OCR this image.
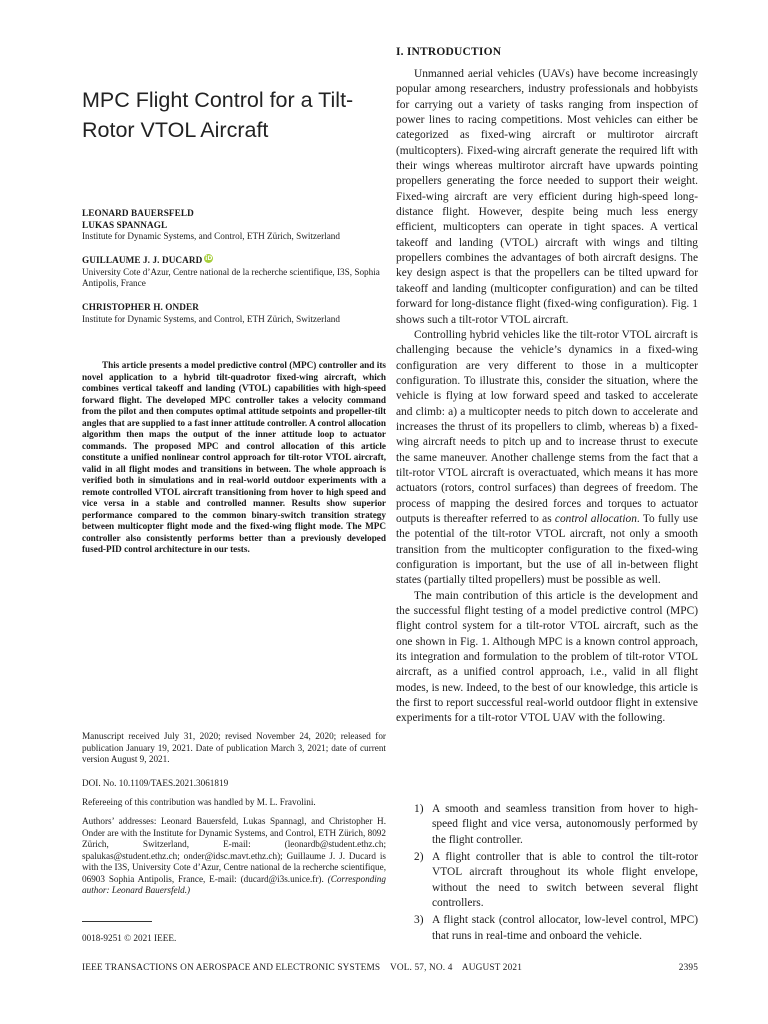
MPC Flight Control for a Tilt-Rotor VTOL Aircraft
LEONARD BAUERSFELD
LUKAS SPANNAGL
Institute for Dynamic Systems, and Control, ETH Zürich, Switzerland
GUILLAUME J. J. DUCARD iD
University Cote d’Azur, Centre national de la recherche scientifique, I3S, Sophia Antipolis, France
CHRISTOPHER H. ONDER
Institute for Dynamic Systems, and Control, ETH Zürich, Switzerland

This article presents a model predictive control (MPC) controller and its novel application to a hybrid tilt-quadrotor fixed-wing aircraft, which combines vertical takeoff and landing (VTOL) capabilities with high-speed forward flight. The developed MPC controller takes a velocity command from the pilot and then computes optimal attitude setpoints and propeller-tilt angles that are supplied to a fast inner attitude controller. A control allocation algorithm then maps the output of the inner attitude loop to actuator commands. The proposed MPC and control allocation of this article constitute a unified nonlinear control approach for tilt-rotor VTOL aircraft, valid in all flight modes and transitions in between. The whole approach is verified both in simulations and in real-world outdoor experiments with a remote controlled VTOL aircraft transitioning from hover to high speed and vice versa in a stable and controlled manner. Results show superior performance compared to the common binary-switch transition strategy between multicopter flight mode and the fixed-wing flight mode. The MPC controller also consistently performs better than a previously developed fused-PID control architecture in our tests.

Manuscript received July 31, 2020; revised November 24, 2020; released for publication January 19, 2021. Date of publication March 3, 2021; date of current version August 9, 2021.

DOI. No. 10.1109/TAES.2021.3061819

Refereeing of this contribution was handled by M. L. Fravolini.

Authors’ addresses: Leonard Bauersfeld, Lukas Spannagl, and Christopher H. Onder are with the Institute for Dynamic Systems, and Control, ETH Zürich, 8092 Zürich, Switzerland, E-mail: (leonardb@student.ethz.ch; spalukas@student.ethz.ch; onder@idsc.mavt.ethz.ch); Guillaume J. J. Ducard is with the I3S, University Cote d’Azur, Centre national de la recherche scientifique, 06903 Sophia Antipolis, France, E-mail: (ducard@i3s.unice.fr). (Corresponding author: Leonard Bauersfeld.)

0018-9251 © 2021 IEEE.

I. INTRODUCTION

Unmanned aerial vehicles (UAVs) have become increasingly popular among researchers, industry professionals and hobbyists for carrying out a variety of tasks ranging from inspection of power lines to racing competitions. Most vehicles can either be categorized as fixed-wing aircraft or multirotor aircraft (multicopters). Fixed-wing aircraft generate the required lift with their wings whereas multirotor aircraft have upwards pointing propellers generating the force needed to support their weight. Fixed-wing aircraft are very efficient during high-speed long-distance flight. However, despite being much less energy efficient, multicopters can operate in tight spaces. A vertical takeoff and landing (VTOL) aircraft with wings and tilting propellers combines the advantages of both aircraft designs. The key design aspect is that the propellers can be tilted upward for takeoff and landing (multicopter configuration) and can be tilted forward for long-distance flight (fixed-wing configuration). Fig. 1 shows such a tilt-rotor VTOL aircraft.

Controlling hybrid vehicles like the tilt-rotor VTOL aircraft is challenging because the vehicle’s dynamics in a fixed-wing configuration are very different to those in a multicopter configuration. To illustrate this, consider the situation, where the vehicle is flying at low forward speed and tasked to accelerate and climb: a) a multicopter needs to pitch down to accelerate and increases the thrust of its propellers to climb, whereas b) a fixed-wing aircraft needs to pitch up and to increase thrust to execute the same maneuver. Another challenge stems from the fact that a tilt-rotor VTOL aircraft is overactuated, which means it has more actuators (rotors, control surfaces) than degrees of freedom. The process of mapping the desired forces and torques to actuator outputs is thereafter referred to as control allocation. To fully use the potential of the tilt-rotor VTOL aircraft, not only a smooth transition from the multicopter configuration to the fixed-wing configuration is important, but the use of all in-between flight states (partially tilted propellers) must be possible as well.

The main contribution of this article is the development and the successful flight testing of a model predictive control (MPC) flight control system for a tilt-rotor VTOL aircraft, such as the one shown in Fig. 1. Although MPC is a known control approach, its integration and formulation to the problem of tilt-rotor VTOL aircraft, as a unified control approach, i.e., valid in all flight modes, is new. Indeed, to the best of our knowledge, this article is the first to report successful real-world outdoor flight in extensive experiments for a tilt-rotor VTOL UAV with the following.

1) A smooth and seamless transition from hover to high-speed flight and vice versa, autonomously performed by the flight controller.
2) A flight controller that is able to control the tilt-rotor VTOL aircraft throughout its whole flight envelope, without the need to switch between several flight controllers.
3) A flight stack (control allocator, low-level control, MPC) that runs in real-time and onboard the vehicle.
IEEE TRANSACTIONS ON AEROSPACE AND ELECTRONIC SYSTEMS    VOL. 57, NO. 4    AUGUST 2021	2395
